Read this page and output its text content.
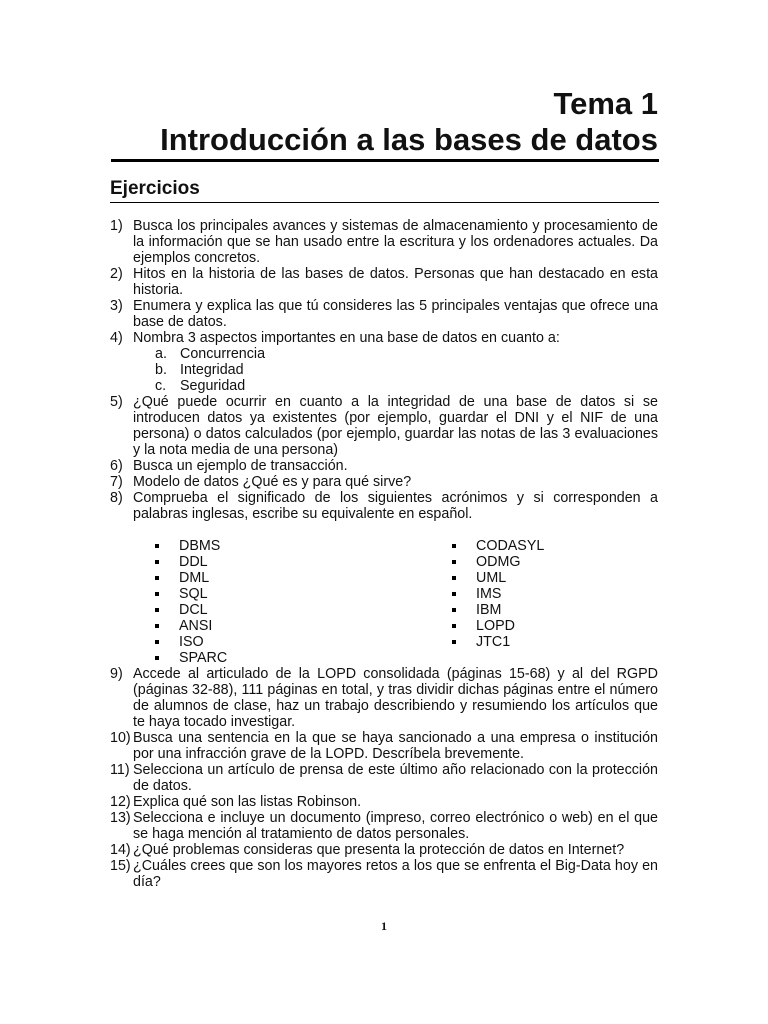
Tema 1
Introducción a las bases de datos
Ejercicios
1) Busca los principales avances y sistemas de almacenamiento y procesamiento de la información que se han usado entre la escritura y los ordenadores actuales. Da ejemplos concretos.
2) Hitos en la historia de las bases de datos. Personas que han destacado en esta historia.
3) Enumera y explica las que tú consideres las 5 principales ventajas que ofrece una base de datos.
4) Nombra 3 aspectos importantes en una base de datos en cuanto a:
a. Concurrencia
b. Integridad
c. Seguridad
5) ¿Qué puede ocurrir en cuanto a la integridad de una base de datos si se introducen datos ya existentes (por ejemplo, guardar el DNI y el NIF de una persona) o datos calculados (por ejemplo, guardar las notas de las 3 evaluaciones y la nota media de una persona)
6) Busca un ejemplo de transacción.
7) Modelo de datos ¿Qué es y para qué sirve?
8) Comprueba el significado de los siguientes acrónimos y si corresponden a palabras inglesas, escribe su equivalente en español.
DBMS
DDL
DML
SQL
DCL
ANSI
ISO
SPARC
CODASYL
ODMG
UML
IMS
IBM
LOPD
JTC1
9) Accede al articulado de la LOPD consolidada (páginas 15-68) y al del RGPD (páginas 32-88), 111 páginas en total, y tras dividir dichas páginas entre el número de alumnos de clase, haz un trabajo describiendo y resumiendo los artículos que te haya tocado investigar.
10) Busca una sentencia en la que se haya sancionado a una empresa o institución por una infracción grave de la LOPD. Descríbela brevemente.
11) Selecciona un artículo de prensa de este último año relacionado con la protección de datos.
12) Explica qué son las listas Robinson.
13) Selecciona e incluye un documento (impreso, correo electrónico o web) en el que se haga mención al tratamiento de datos personales.
14) ¿Qué problemas consideras que presenta la protección de datos en Internet?
15) ¿Cuáles crees que son los mayores retos a los que se enfrenta el Big-Data hoy en día?
1
